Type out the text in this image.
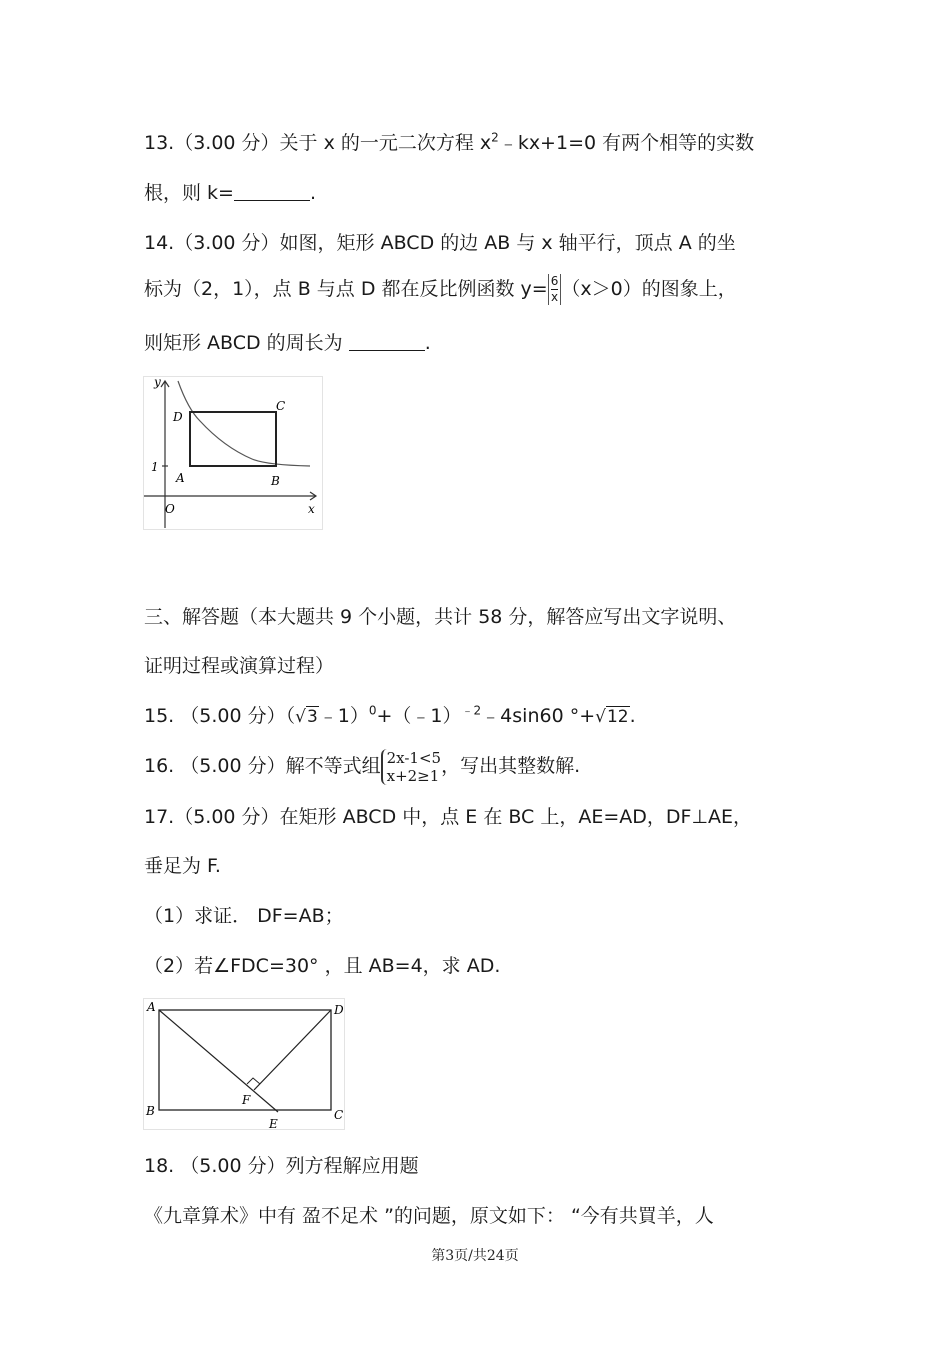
13.（3.00 分）关于 x 的一元二次方程 $x^2﹣kx+1=0$ 有两个相等的实数
根，则 k=	.
14.（3.00 分）如图，矩形 ABCD 的边 AB 与 x 轴平行，顶点 A 的坐
标为（2，1），点 B 与点 D 都在反比例函数 $y= \frac{6}{x} (x>0)$的图象上，
则矩形 ABCD 的周长为	.
y
x
O
1
A	B
C
D
三、解答题（本大题共 9 个小题，共计 58 分，解答应写出文字说明、
证明过程或演算过程）
15. （5.00 分）（√3﹣1）$^0$+（﹣1）$^{﹣2}$﹣4sin60 °+√12.
16. （5.00 分）解不等式组 2x-1<5
x+2≥1 ，写出其整数解.
17.（5.00 分）在矩形 ABCD 中，点 E 在 BC 上，AE=AD，DF⊥AE，
垂足为 F.
（1）求证． DF=AB；
（2）若∠FDC=30° ，且 AB=4，求 AD.
A
B	C
D
E
F
18. （5.00 分）列方程解应用题
《九章算术》中有 盈不足术 ”的问题，原文如下： “今有共買羊，人
第3页/共24页
